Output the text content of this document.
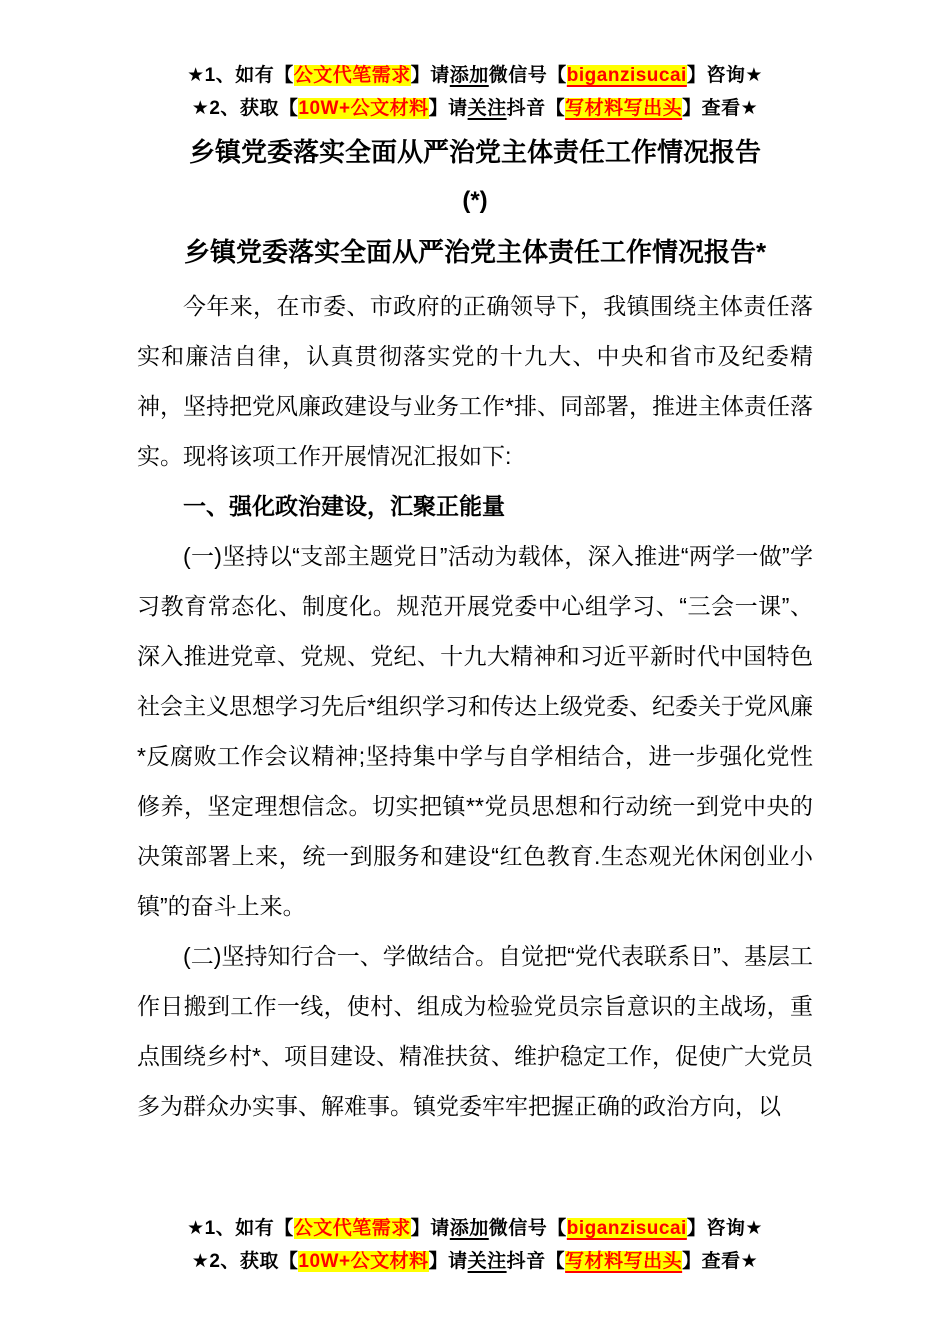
★1、如有【公文代笔需求】请添加微信号【biganzisucai】咨询★
★2、获取【10W+公文材料】请关注抖音【写材料写出头】查看★
乡镇党委落实全面从严治党主体责任工作情况报告
(*)
乡镇党委落实全面从严治党主体责任工作情况报告*

今年来，在市委、市政府的正确领导下，我镇围绕主体责任落实和廉洁自律，认真贯彻落实党的十九大、中央和省市及纪委精神，坚持把党风廉政建设与业务工作*排、同部署，推进主体责任落实。现将该项工作开展情况汇报如下:

一、强化政治建设，汇聚正能量

(一)坚持以“支部主题党日”活动为载体，深入推进“两学一做”学习教育常态化、制度化。规范开展党委中心组学习、“三会一课”、深入推进党章、党规、党纪、十九大精神和习近平新时代中国特色社会主义思想学习先后*组织学习和传达上级党委、纪委关于党风廉*反腐败工作会议精神;坚持集中学与自学相结合，进一步强化党性修养，坚定理想信念。切实把镇**党员思想和行动统一到党中央的决策部署上来，统一到服务和建设“红色教育.生态观光休闲创业小镇”的奋斗上来。

(二)坚持知行合一、学做结合。自觉把“党代表联系日”、基层工作日搬到工作一线，使村、组成为检验党员宗旨意识的主战场，重点围绕乡村*、项目建设、精准扶贫、维护稳定工作，促使广大党员多为群众办实事、解难事。镇党委牢牢把握正确的政治方向，以

★1、如有【公文代笔需求】请添加微信号【biganzisucai】咨询★
★2、获取【10W+公文材料】请关注抖音【写材料写出头】查看★
